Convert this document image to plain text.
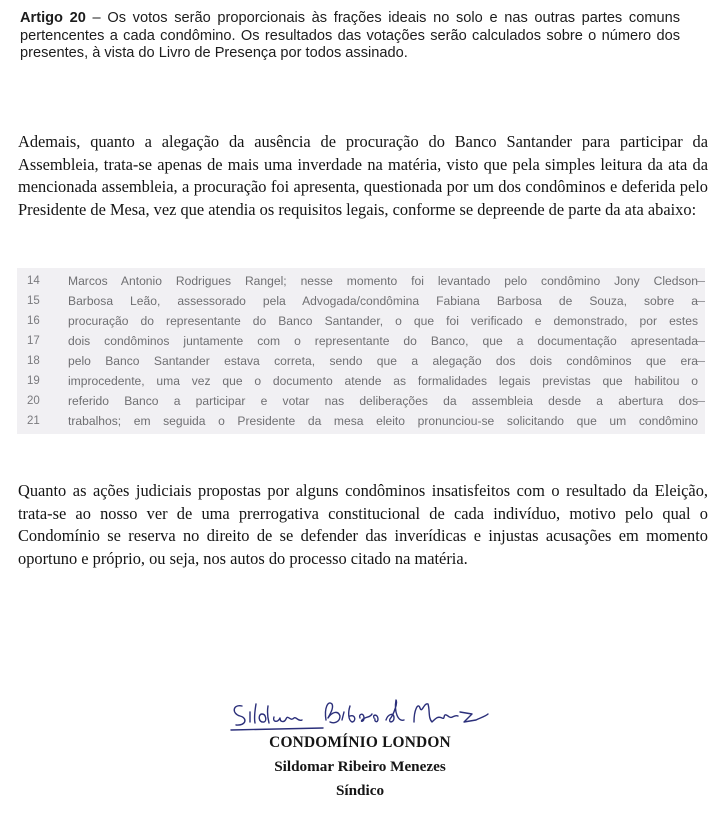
Artigo 20 – Os votos serão proporcionais às frações ideais no solo e nas outras partes comuns pertencentes a cada condômino. Os resultados das votações serão calculados sobre o número dos presentes, à vista do Livro de Presença por todos assinado.
Ademais, quanto a alegação da ausência de procuração do Banco Santander para participar da Assembleia, trata-se apenas de mais uma inverdade na matéria, visto que pela simples leitura da ata da mencionada assembleia, a procuração foi apresenta, questionada por um dos condôminos e deferida pelo Presidente de Mesa, vez que atendia os requisitos legais, conforme se depreende de parte da ata abaixo:
14	Marcos Antonio Rodrigues Rangel; nesse momento foi levantado pelo condômino Jony Cledson
15	Barbosa Leão, assessorado pela Advogada/condômina Fabiana Barbosa de Souza, sobre a
16	procuração do representante do Banco Santander, o que foi verificado e demonstrado, por estes
17	dois condôminos juntamente com o representante do Banco, que a documentação apresentada
18	pelo Banco Santander estava correta, sendo que a alegação dos dois condôminos que era
19	improcedente, uma vez que o documento atende as formalidades legais previstas que habilitou o
20	referido Banco a participar e votar nas deliberações da assembleia desde a abertura dos
21	trabalhos; em seguida o Presidente da mesa eleito pronunciou-se solicitando que um condômino
Quanto as ações judiciais propostas por alguns condôminos insatisfeitos com o resultado da Eleição, trata-se ao nosso ver de uma prerrogativa constitucional de cada indivíduo, motivo pelo qual o Condomínio se reserva no direito de se defender das inverídicas e injustas acusações em momento oportuno e próprio, ou seja, nos autos do processo citado na matéria.
CONDOMÍNIO LONDON
Sildomar Ribeiro Menezes
Síndico
